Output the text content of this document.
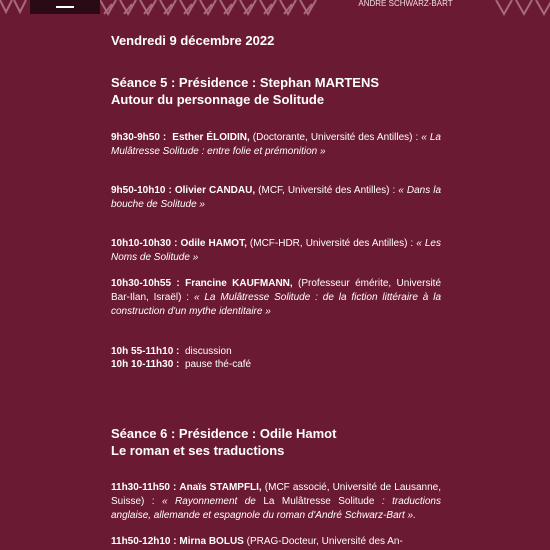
ANDRÉ SCHWARZ-BART

Vendredi 9 décembre 2022

Séance 5 : Présidence : Stephan MARTENS

Autour du personnage de Solitude

9h30-9h50 : Esther ÉLOIDIN, (Doctorante, Université des Antilles) : « La Mulâtresse Solitude : entre folie et prémonition »

9h50-10h10 : Olivier CANDAU, (MCF, Université des Antilles) : « Dans la bouche de Solitude »

10h10-10h30 : Odile HAMOT, (MCF-HDR, Université des Antilles) : « Les Noms de Solitude »

10h30-10h55 : Francine KAUFMANN, (Professeur émérite, Université Bar-Ilan, Israël) : « La Mulâtresse Solitude : de la fiction littéraire à la construction d'un mythe identitaire »

10h 55-11h10 : discussion

10h 10-11h30 : pause thé-café

Séance 6 : Présidence : Odile Hamot

Le roman et ses traductions

11h30-11h50 : Anaïs STAMPFLI, (MCF associé, Université de Lausanne, Suisse) : « Rayonnement de La Mulâtresse Solitude : traductions anglaise, allemande et espagnole du roman d'André Schwarz-Bart ».

11h50-12h10 : Mirna BOLUS (PRAG-Docteur, Université des An-
